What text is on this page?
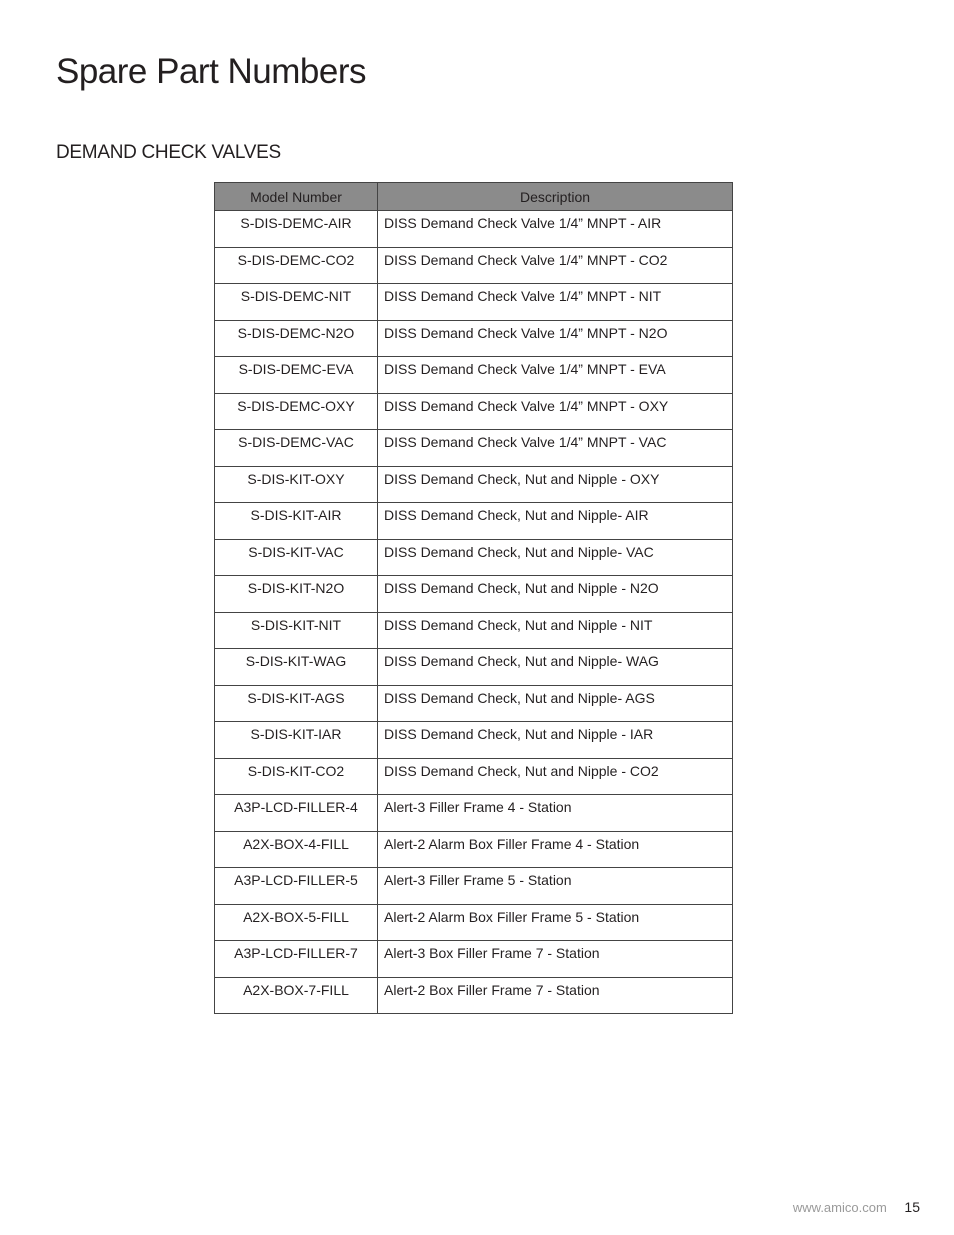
Spare Part Numbers
DEMAND CHECK VALVES
Model Number	Description
S-DIS-DEMC-AIR	DISS Demand Check Valve 1/4” MNPT - AIR
S-DIS-DEMC-CO2	DISS Demand Check Valve 1/4” MNPT - CO2
S-DIS-DEMC-NIT	DISS Demand Check Valve 1/4” MNPT - NIT
S-DIS-DEMC-N2O	DISS Demand Check Valve 1/4” MNPT - N2O
S-DIS-DEMC-EVA	DISS Demand Check Valve 1/4” MNPT - EVA
S-DIS-DEMC-OXY	DISS Demand Check Valve 1/4” MNPT - OXY
S-DIS-DEMC-VAC	DISS Demand Check Valve 1/4” MNPT - VAC
S-DIS-KIT-OXY	DISS Demand Check, Nut and Nipple - OXY
S-DIS-KIT-AIR	DISS Demand Check, Nut and Nipple- AIR
S-DIS-KIT-VAC	DISS Demand Check, Nut and Nipple- VAC
S-DIS-KIT-N2O	DISS Demand Check, Nut and Nipple - N2O
S-DIS-KIT-NIT	DISS Demand Check, Nut and Nipple - NIT
S-DIS-KIT-WAG	DISS Demand Check, Nut and Nipple- WAG
S-DIS-KIT-AGS	DISS Demand Check, Nut and Nipple- AGS
S-DIS-KIT-IAR	DISS Demand Check, Nut and Nipple - IAR
S-DIS-KIT-CO2	DISS Demand Check, Nut and Nipple - CO2
A3P-LCD-FILLER-4	Alert-3 Filler Frame 4 - Station
A2X-BOX-4-FILL	Alert-2 Alarm Box Filler Frame 4 - Station
A3P-LCD-FILLER-5	Alert-3 Filler Frame 5 - Station
A2X-BOX-5-FILL	Alert-2 Alarm Box Filler Frame 5 - Station
A3P-LCD-FILLER-7	Alert-3 Box Filler Frame 7 - Station
A2X-BOX-7-FILL	Alert-2 Box Filler Frame 7 - Station
www.amico.com 15
